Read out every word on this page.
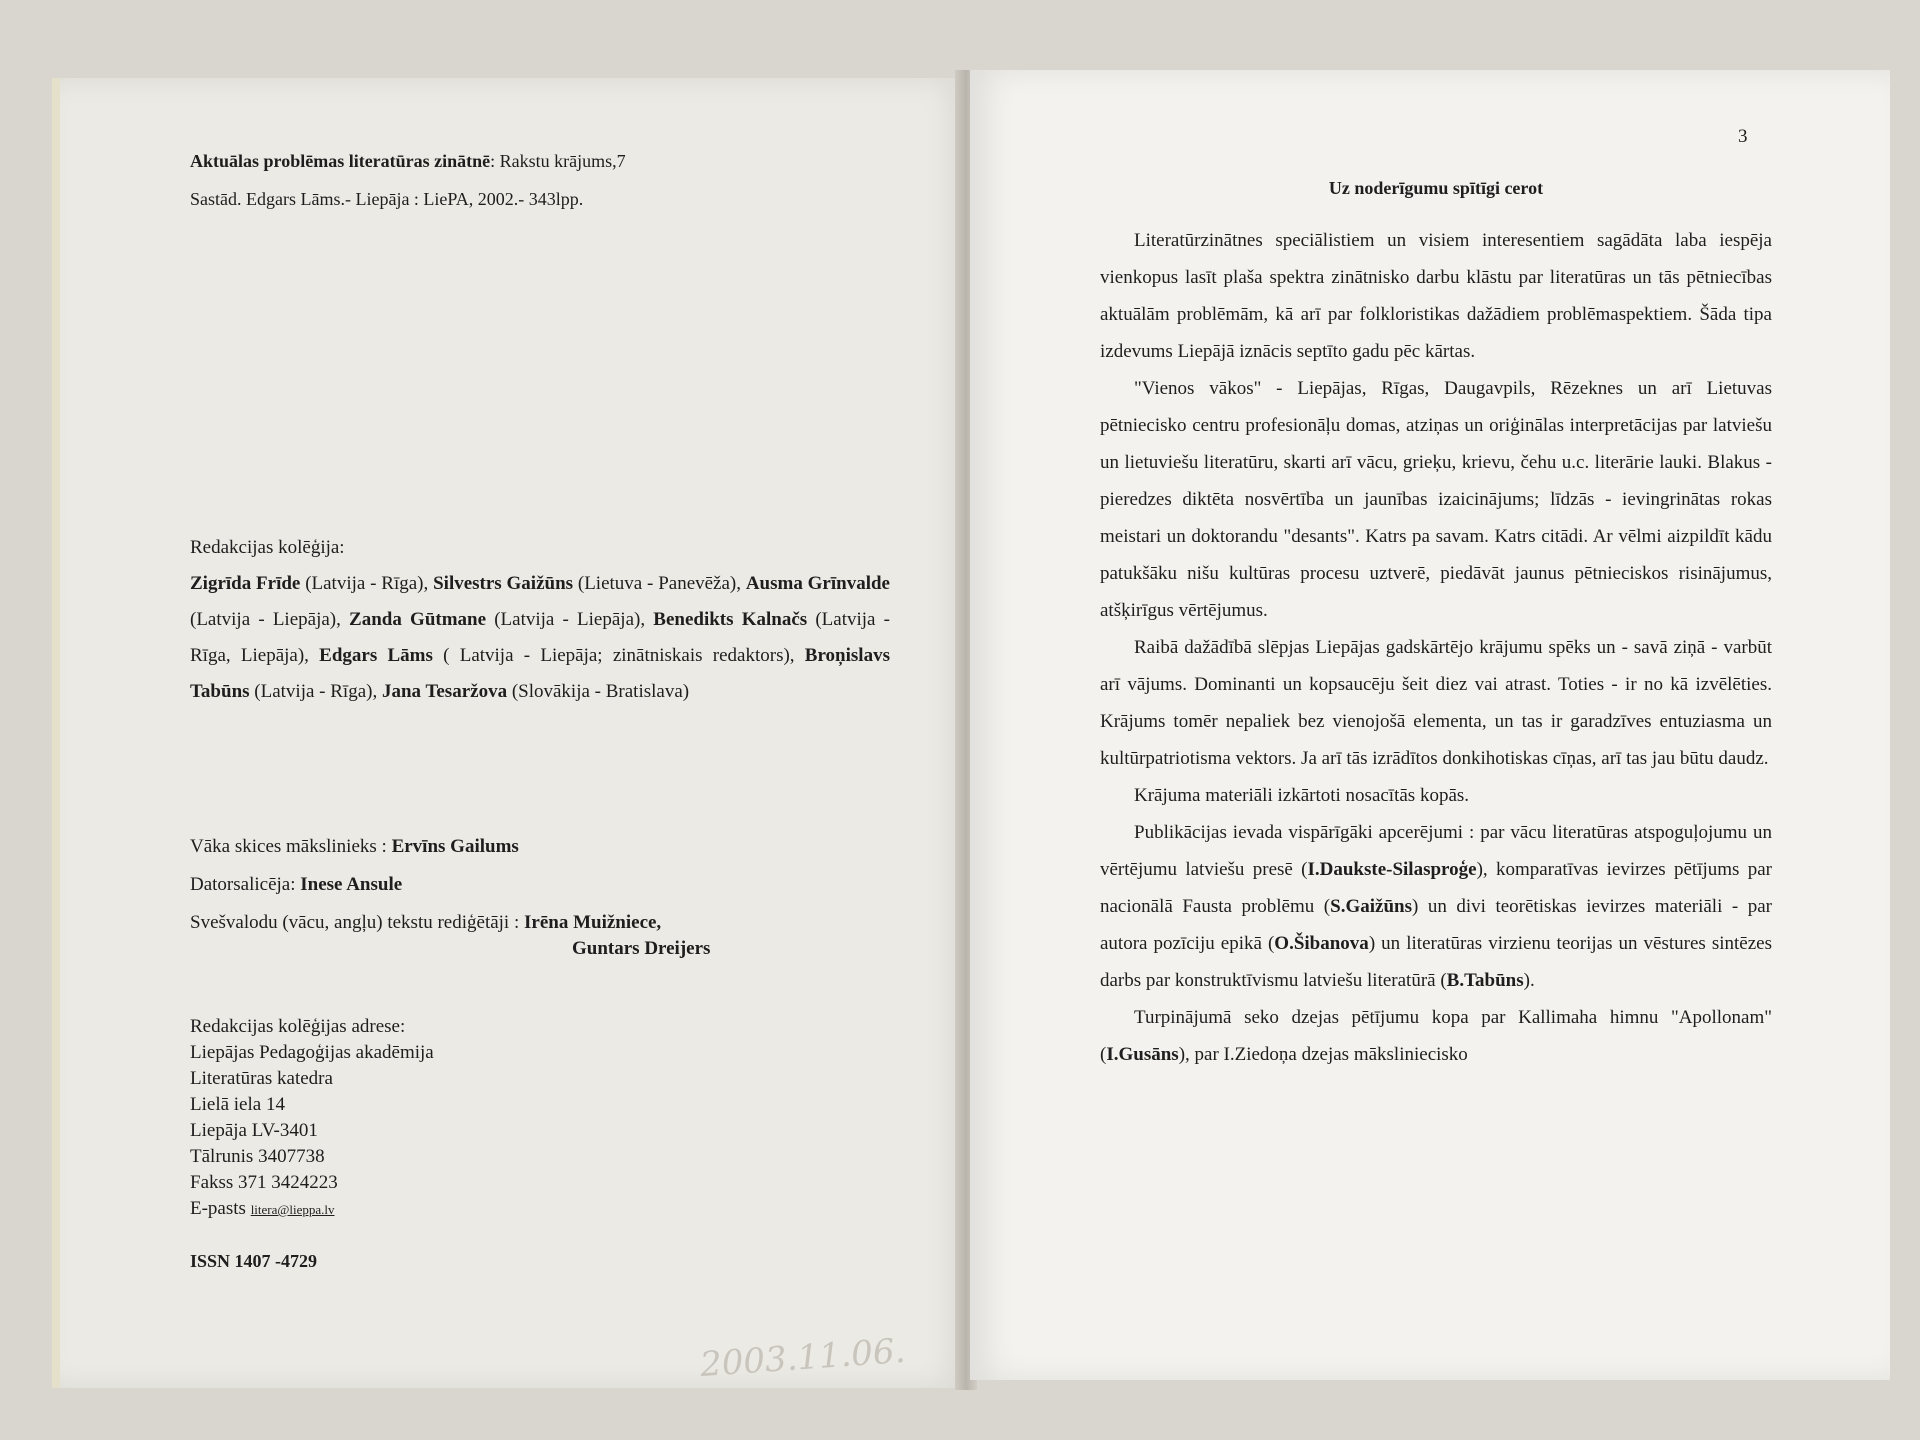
Aktuālas problēmas literatūras zinātnē: Rakstu krājums,7
Sastād. Edgars Lāms.- Liepāja : LiePA, 2002.- 343lpp.
Redakcijas kolēģija:
Zigrīda Frīde (Latvija - Rīga), Silvestrs Gaižūns (Lietuva - Panevēža), Ausma Grīnvalde (Latvija - Liepāja), Zanda Gūtmane (Latvija - Liepāja), Benedikts Kalnačs (Latvija - Rīga, Liepāja), Edgars Lāms ( Latvija - Liepāja; zinātniskais redaktors), Broņislavs Tabūns (Latvija - Rīga), Jana Tesaržova (Slovākija - Bratislava)
Vāka skices mākslinieks : Ervīns Gailums
Datorsalicēja: Inese Ansule
Svešvalodu (vācu, angļu) tekstu rediģētāji : Irēna Muižniece,
Guntars Dreijers
Redakcijas kolēģijas adrese:
Liepājas Pedagoģijas akadēmija
Literatūras katedra
Lielā iela 14
Liepāja LV-3401
Tālrunis 3407738
Fakss 371 3424223
E-pasts litera@lieppa.lv
ISSN 1407 -4729
2003.11.06.
3
Uz noderīgumu spītīgi cerot
Literatūrzinātnes speciālistiem un visiem interesentiem sagādāta laba iespēja vienkopus lasīt plaša spektra zinātnisko darbu klāstu par literatūras un tās pētniecības aktuālām problēmām, kā arī par folkloristikas dažādiem problēmaspektiem. Šāda tipa izdevums Liepājā iznācis septīto gadu pēc kārtas.
"Vienos vākos" - Liepājas, Rīgas, Daugavpils, Rēzeknes un arī Lietuvas pētniecisko centru profesionāļu domas, atziņas un oriģinālas interpretācijas par latviešu un lietuviešu literatūru, skarti arī vācu, grieķu, krievu, čehu u.c. literārie lauki. Blakus - pieredzes diktēta nosvērtība un jaunības izaicinājums; līdzās - ievingrinātas rokas meistari un doktorandu "desants". Katrs pa savam. Katrs citādi. Ar vēlmi aizpildīt kādu patukšāku nišu kultūras procesu uztverē, piedāvāt jaunus pētnieciskos risinājumus, atšķirīgus vērtējumus.
Raibā dažādībā slēpjas Liepājas gadskārtējo krājumu spēks un - savā ziņā - varbūt arī vājums. Dominanti un kopsaucēju šeit diez vai atrast. Toties - ir no kā izvēlēties. Krājums tomēr nepaliek bez vienojošā elementa, un tas ir garadzīves entuziasma un kultūrpatriotisma vektors. Ja arī tās izrādītos donkihotiskas cīņas, arī tas jau būtu daudz.
Krājuma materiāli izkārtoti nosacītās kopās.
Publikācijas ievada vispārīgāki apcerējumi : par vācu literatūras atspoguļojumu un vērtējumu latviešu presē (I.Daukste-Silasproģe), komparatīvas ievirzes pētījums par nacionālā Fausta problēmu (S.Gaižūns) un divi teorētiskas ievirzes materiāli - par autora pozīciju epikā (O.Šibanova) un literatūras virzienu teorijas un vēstures sintēzes darbs par konstruktīvismu latviešu literatūrā (B.Tabūns).
Turpinājumā seko dzejas pētījumu kopa par Kallimaha himnu "Apollonam" (I.Gusāns), par I.Ziedoņa dzejas mākslinieciskо
